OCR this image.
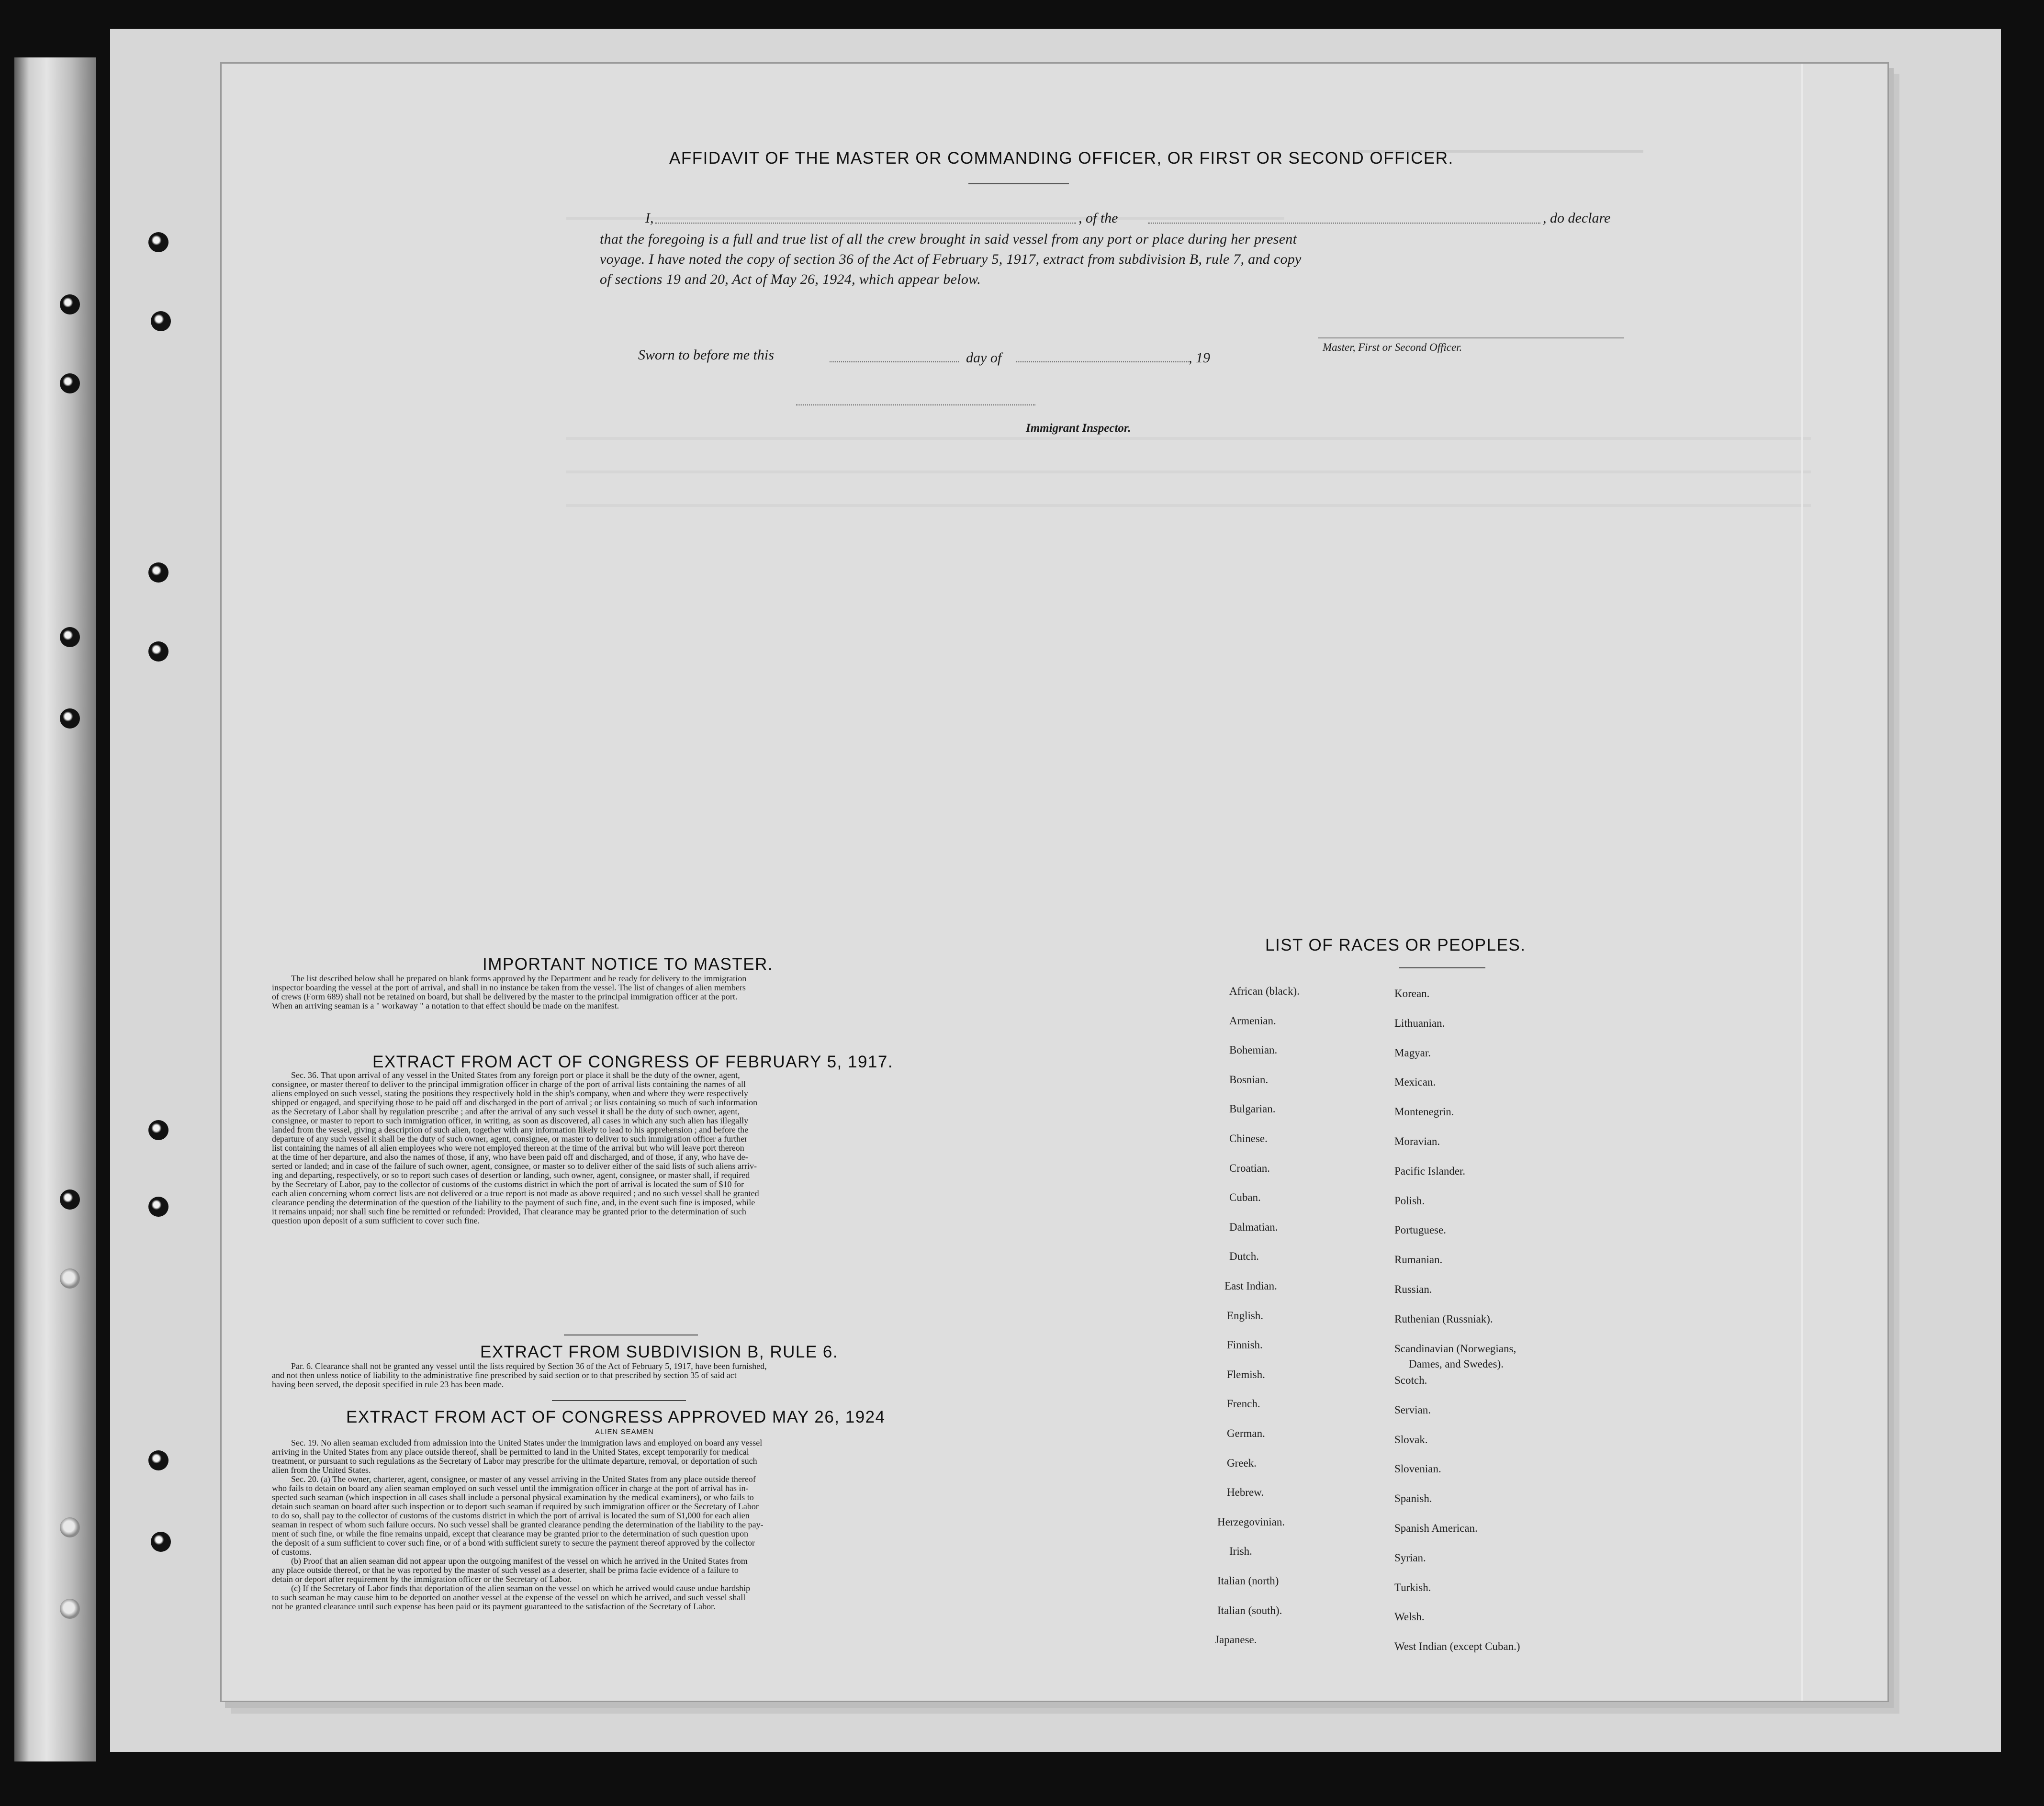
AFFIDAVIT OF THE MASTER OR COMMANDING OFFICER, OR FIRST OR SECOND OFFICER.
I,	, of the	, do declare
that the foregoing is a full and true list of all the crew brought in said vessel from any port or place during her present
voyage. I have noted the copy of section 36 of the Act of February 5, 1917, extract from subdivision B, rule 7, and copy
of sections 19 and 20, Act of May 26, 1924, which appear below.
Master, First or Second Officer.
Sworn to before me this	day of	, 19
Immigrant Inspector.
IMPORTANT NOTICE TO MASTER.
The list described below shall be prepared on blank forms approved by the Department and be ready for delivery to the immigration
inspector boarding the vessel at the port of arrival, and shall in no instance be taken from the vessel. The list of changes of alien members
of crews (Form 689) shall not be retained on board, but shall be delivered by the master to the principal immigration officer at the port.
When an arriving seaman is a " workaway " a notation to that effect should be made on the manifest.
EXTRACT FROM ACT OF CONGRESS OF FEBRUARY 5, 1917.
Sec. 36. That upon arrival of any vessel in the United States from any foreign port or place it shall be the duty of the owner, agent,
consignee, or master thereof to deliver to the principal immigration officer in charge of the port of arrival lists containing the names of all
aliens employed on such vessel, stating the positions they respectively hold in the ship's company, when and where they were respectively
shipped or engaged, and specifying those to be paid off and discharged in the port of arrival ; or lists containing so much of such information
as the Secretary of Labor shall by regulation prescribe ; and after the arrival of any such vessel it shall be the duty of such owner, agent,
consignee, or master to report to such immigration officer, in writing, as soon as discovered, all cases in which any such alien has illegally
landed from the vessel, giving a description of such alien, together with any information likely to lead to his apprehension ; and before the
departure of any such vessel it shall be the duty of such owner, agent, consignee, or master to deliver to such immigration officer a further
list containing the names of all alien employees who were not employed thereon at the time of the arrival but who will leave port thereon
at the time of her departure, and also the names of those, if any, who have been paid off and discharged, and of those, if any, who have de-
serted or landed; and in case of the failure of such owner, agent, consignee, or master so to deliver either of the said lists of such aliens arriv-
ing and departing, respectively, or so to report such cases of desertion or landing, such owner, agent, consignee, or master shall, if required
by the Secretary of Labor, pay to the collector of customs of the customs district in which the port of arrival is located the sum of $10 for
each alien concerning whom correct lists are not delivered or a true report is not made as above required ; and no such vessel shall be granted
clearance pending the determination of the question of the liability to the payment of such fine, and, in the event such fine is imposed, while
it remains unpaid; nor shall such fine be remitted or refunded: Provided, That clearance may be granted prior to the determination of such
question upon deposit of a sum sufficient to cover such fine.
EXTRACT FROM SUBDIVISION B, RULE 6.
Par. 6. Clearance shall not be granted any vessel until the lists required by Section 36 of the Act of February 5, 1917, have been furnished,
and not then unless notice of liability to the administrative fine prescribed by said section or to that prescribed by section 35 of said act
having been served, the deposit specified in rule 23 has been made.
EXTRACT FROM ACT OF CONGRESS APPROVED MAY 26, 1924
ALIEN SEAMEN
Sec. 19. No alien seaman excluded from admission into the United States under the immigration laws and employed on board any vessel
arriving in the United States from any place outside thereof, shall be permitted to land in the United States, except temporarily for medical
treatment, or pursuant to such regulations as the Secretary of Labor may prescribe for the ultimate departure, removal, or deportation of such
alien from the United States.
Sec. 20. (a) The owner, charterer, agent, consignee, or master of any vessel arriving in the United States from any place outside thereof
who fails to detain on board any alien seaman employed on such vessel until the immigration officer in charge at the port of arrival has in-
spected such seaman (which inspection in all cases shall include a personal physical examination by the medical examiners), or who fails to
detain such seaman on board after such inspection or to deport such seaman if required by such immigration officer or the Secretary of Labor
to do so, shall pay to the collector of customs of the customs district in which the port of arrival is located the sum of $1,000 for each alien
seaman in respect of whom such failure occurs. No such vessel shall be granted clearance pending the determination of the liability to the pay-
ment of such fine, or while the fine remains unpaid, except that clearance may be granted prior to the determination of such question upon
the deposit of a sum sufficient to cover such fine, or of a bond with sufficient surety to secure the payment thereof approved by the collector
of customs.
(b) Proof that an alien seaman did not appear upon the outgoing manifest of the vessel on which he arrived in the United States from
any place outside thereof, or that he was reported by the master of such vessel as a deserter, shall be prima facie evidence of a failure to
detain or deport after requirement by the immigration officer or the Secretary of Labor.
(c) If the Secretary of Labor finds that deportation of the alien seaman on the vessel on which he arrived would cause undue hardship
to such seaman he may cause him to be deported on another vessel at the expense of the vessel on which he arrived, and such vessel shall
not be granted clearance until such expense has been paid or its payment guaranteed to the satisfaction of the Secretary of Labor.
LIST OF RACES OR PEOPLES.
African (black).
Armenian.
Bohemian.
Bosnian.
Bulgarian.
Chinese.
Croatian.
Cuban.
Dalmatian.
Dutch.
East Indian.
English.
Finnish.
Flemish.
French.
German.
Greek.
Hebrew.
Herzegovinian.
Irish.
Italian (north)
Italian (south).
Japanese.
Korean.
Lithuanian.
Magyar.
Mexican.
Montenegrin.
Moravian.
Pacific Islander.
Polish.
Portuguese.
Rumanian.
Russian.
Ruthenian (Russniak).
Scandinavian (Norwegians,
Dames, and Swedes).
Scotch.
Servian.
Slovak.
Slovenian.
Spanish.
Spanish American.
Syrian.
Turkish.
Welsh.
West Indian (except Cuban.)
